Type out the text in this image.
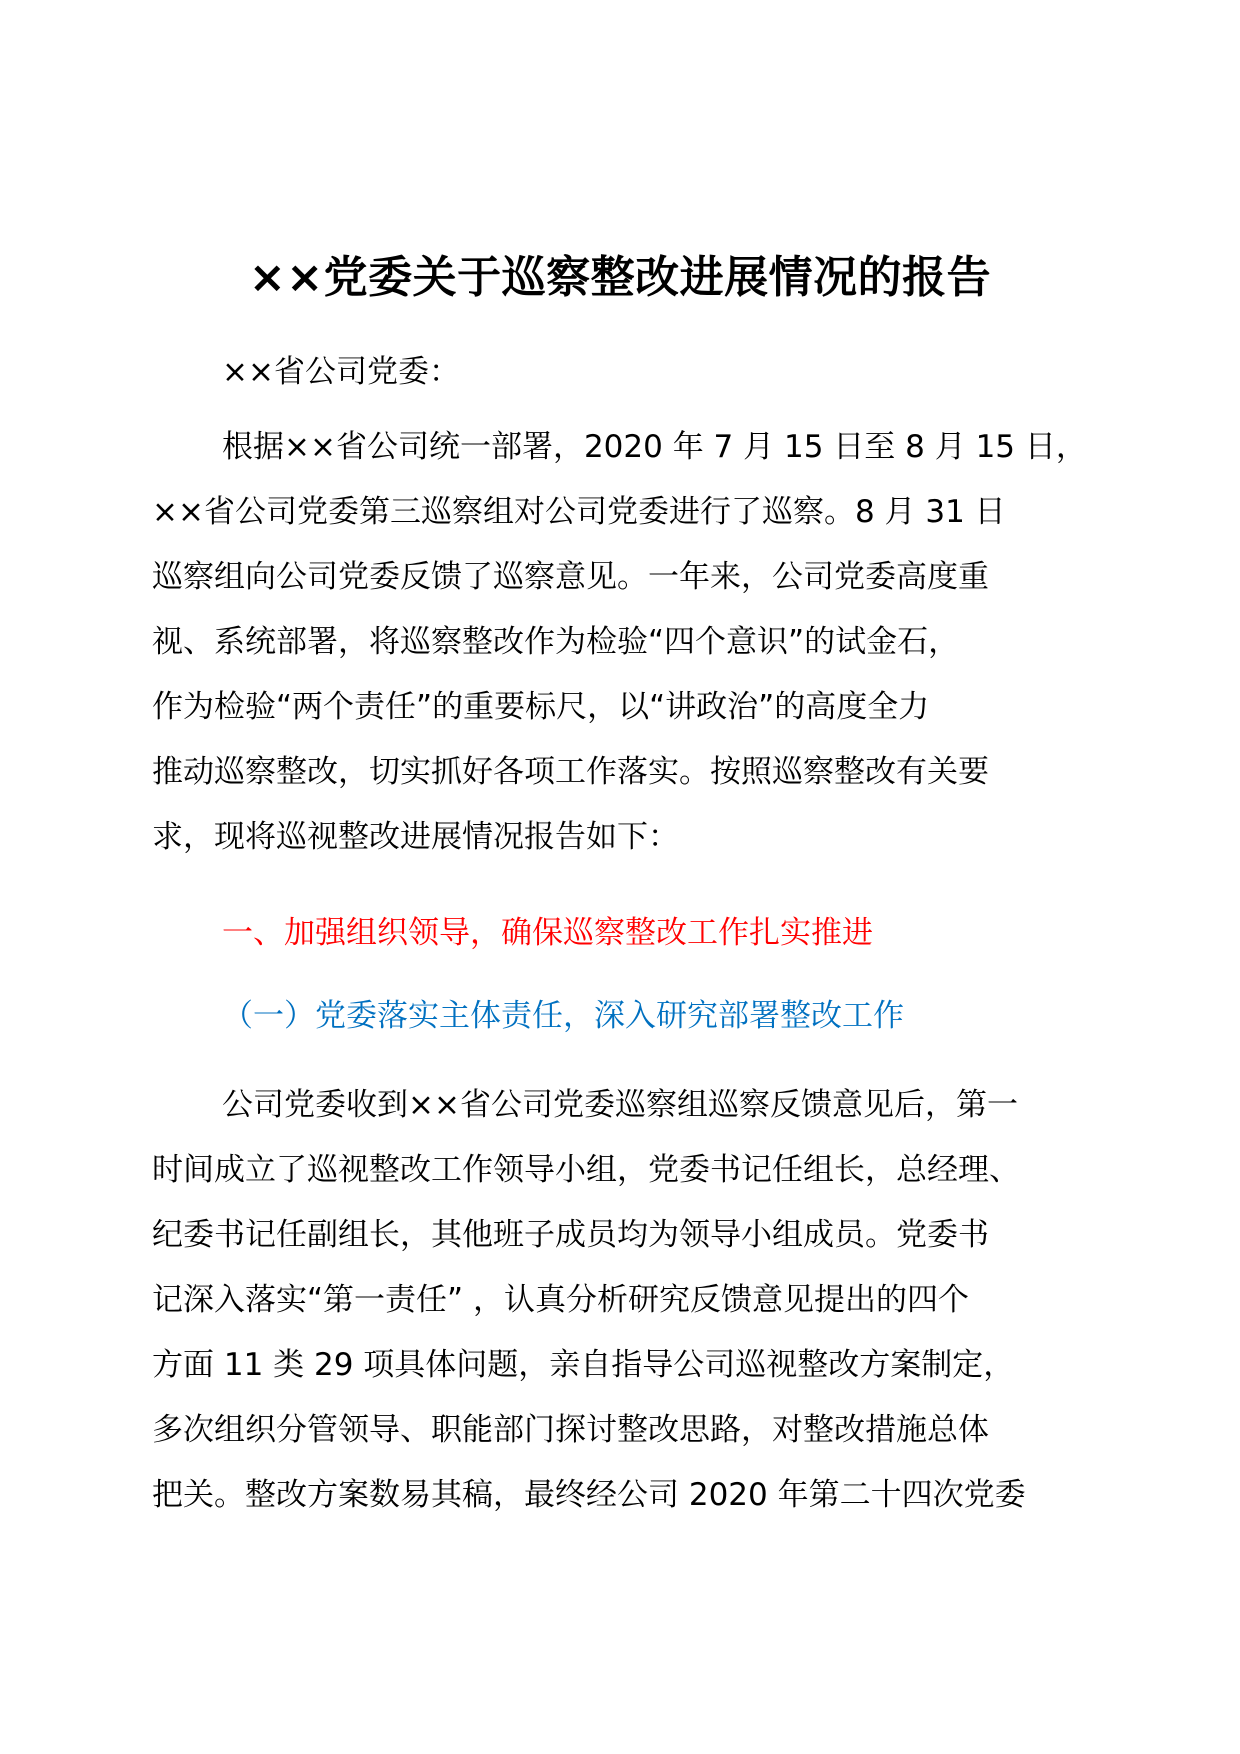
××党委关于巡察整改进展情况的报告
××省公司党委：
根据××省公司统一部署，2020 年 7 月 15 日至 8 月 15 日，
××省公司党委第三巡察组对公司党委进行了巡察。8 月 31 日
巡察组向公司党委反馈了巡察意见。一年来，公司党委高度重
视、系统部署，将巡察整改作为检验“四个意识”的试金石，
作为检验“两个责任”的重要标尺，以“讲政治”的高度全力
推动巡察整改，切实抓好各项工作落实。按照巡察整改有关要
求，现将巡视整改进展情况报告如下：
一、加强组织领导，确保巡察整改工作扎实推进
（一）党委落实主体责任，深入研究部署整改工作
公司党委收到××省公司党委巡察组巡察反馈意见后，第一
时间成立了巡视整改工作领导小组，党委书记任组长，总经理、
纪委书记任副组长，其他班子成员均为领导小组成员。党委书
记深入落实“第一责任” ，认真分析研究反馈意见提出的四个
方面 11 类 29 项具体问题，亲自指导公司巡视整改方案制定，
多次组织分管领导、职能部门探讨整改思路，对整改措施总体
把关。整改方案数易其稿，最终经公司 2020 年第二十四次党委
